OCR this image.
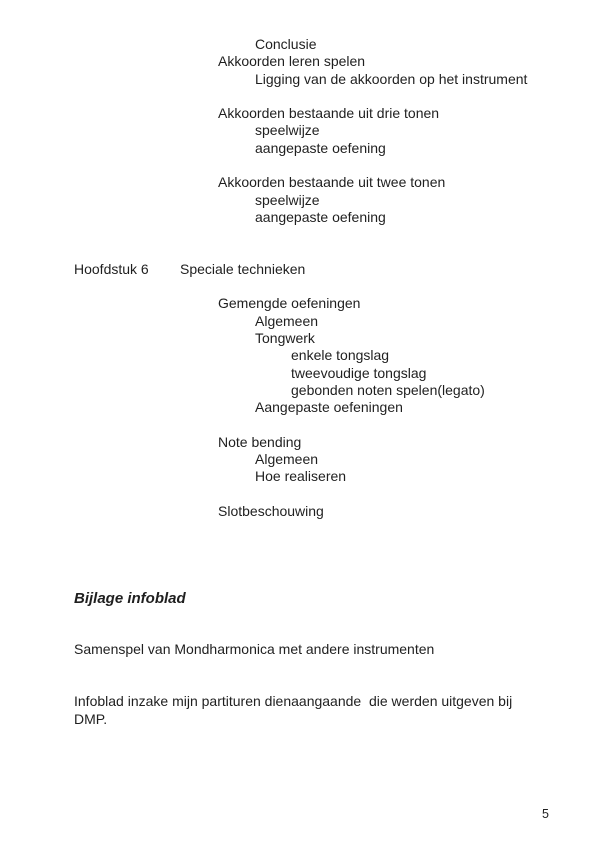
Conclusie
Akkoorden leren spelen
Ligging van de akkoorden op het instrument
Akkoorden bestaande uit drie tonen
speelwijze
aangepaste oefening
Akkoorden bestaande uit twee tonen
speelwijze
aangepaste oefening
Hoofdstuk 6 Speciale technieken
Gemengde oefeningen
Algemeen
Tongwerk
enkele tongslag
tweevoudige tongslag
gebonden noten spelen(legato)
Aangepaste oefeningen
Note bending
Algemeen
Hoe realiseren
Slotbeschouwing
Bijlage infoblad
Samenspel van Mondharmonica met andere instrumenten
Infoblad inzake mijn partituren dienaangaande  die werden uitgeven bij
DMP.
5
